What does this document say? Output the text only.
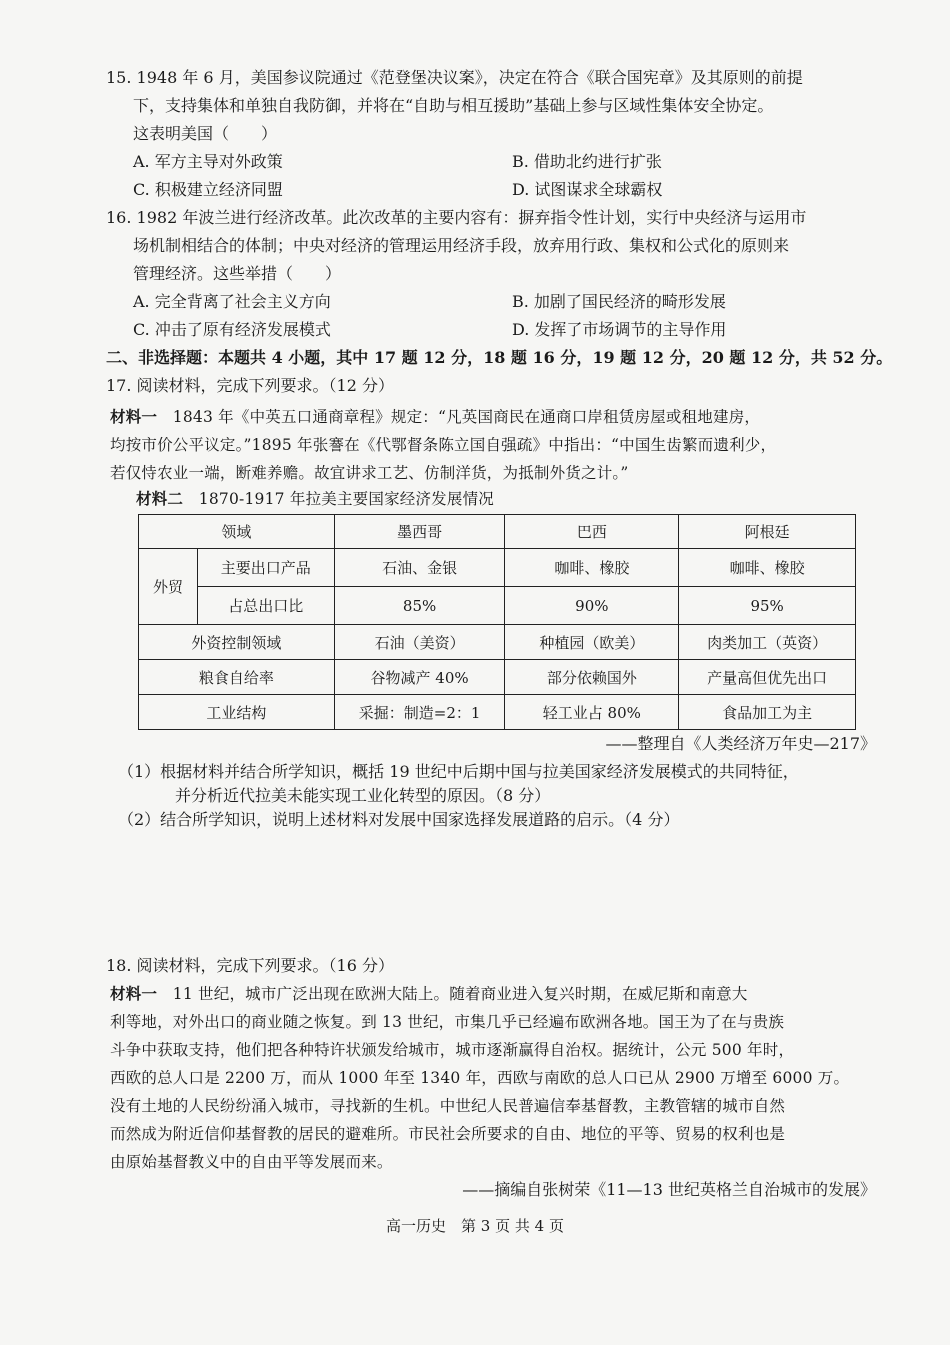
15. 1948 年 6 月，美国参议院通过《范登堡决议案》，决定在符合《联合国宪章》及其原则的前提
下，支持集体和单独自我防御，并将在“自助与相互援助”基础上参与区域性集体安全协定。
这表明美国（　　）
A. 军方主导对外政策	B. 借助北约进行扩张
C. 积极建立经济同盟	D. 试图谋求全球霸权
16. 1982 年波兰进行经济改革。此次改革的主要内容有：摒弃指令性计划，实行中央经济与运用市
场机制相结合的体制；中央对经济的管理运用经济手段，放弃用行政、集权和公式化的原则来
管理经济。这些举措（　　）
A. 完全背离了社会主义方向	B. 加剧了国民经济的畸形发展
C. 冲击了原有经济发展模式	D. 发挥了市场调节的主导作用
二、非选择题：本题共 4 小题，其中 17 题 12 分，18 题 16 分，19 题 12 分，20 题 12 分，共 52 分。
17. 阅读材料，完成下列要求。（12 分）
材料一　1843 年《中英五口通商章程》规定：“凡英国商民在通商口岸租赁房屋或租地建房，
均按市价公平议定。”1895 年张謇在《代鄂督条陈立国自强疏》中指出：“中国生齿繁而遗利少，
若仅恃农业一端，断难养赡。故宜讲求工艺、仿制洋货，为抵制外货之计。”
材料二　1870-1917 年拉美主要国家经济发展情况
领域		墨西哥	巴西	阿根廷
外贸	主要出口产品	石油、金银	咖啡、橡胶	咖啡、橡胶
	占总出口比	85%	90%	95%
外资控制领域		石油（美资）	种植园（欧美）	肉类加工（英资）
粮食自给率		谷物减产 40%	部分依赖国外	产量高但优先出口
工业结构		采掘：制造=2：1	轻工业占 80%	食品加工为主
——整理自《人类经济万年史—217》
（1）根据材料并结合所学知识，概括 19 世纪中后期中国与拉美国家经济发展模式的共同特征，
并分析近代拉美未能实现工业化转型的原因。（8 分）
（2）结合所学知识，说明上述材料对发展中国家选择发展道路的启示。（4 分）
18. 阅读材料，完成下列要求。（16 分）
材料一　11 世纪，城市广泛出现在欧洲大陆上。随着商业进入复兴时期，在威尼斯和南意大
利等地，对外出口的商业随之恢复。到 13 世纪，市集几乎已经遍布欧洲各地。国王为了在与贵族
斗争中获取支持，他们把各种特许状颁发给城市，城市逐渐赢得自治权。据统计，公元 500 年时，
西欧的总人口是 2200 万，而从 1000 年至 1340 年，西欧与南欧的总人口已从 2900 万增至 6000 万。
没有土地的人民纷纷涌入城市，寻找新的生机。中世纪人民普遍信奉基督教，主教管辖的城市自然
而然成为附近信仰基督教的居民的避难所。市民社会所要求的自由、地位的平等、贸易的权利也是
由原始基督教义中的自由平等发展而来。
——摘编自张树荣《11—13 世纪英格兰自治城市的发展》
高一历史　第 3 页 共 4 页
